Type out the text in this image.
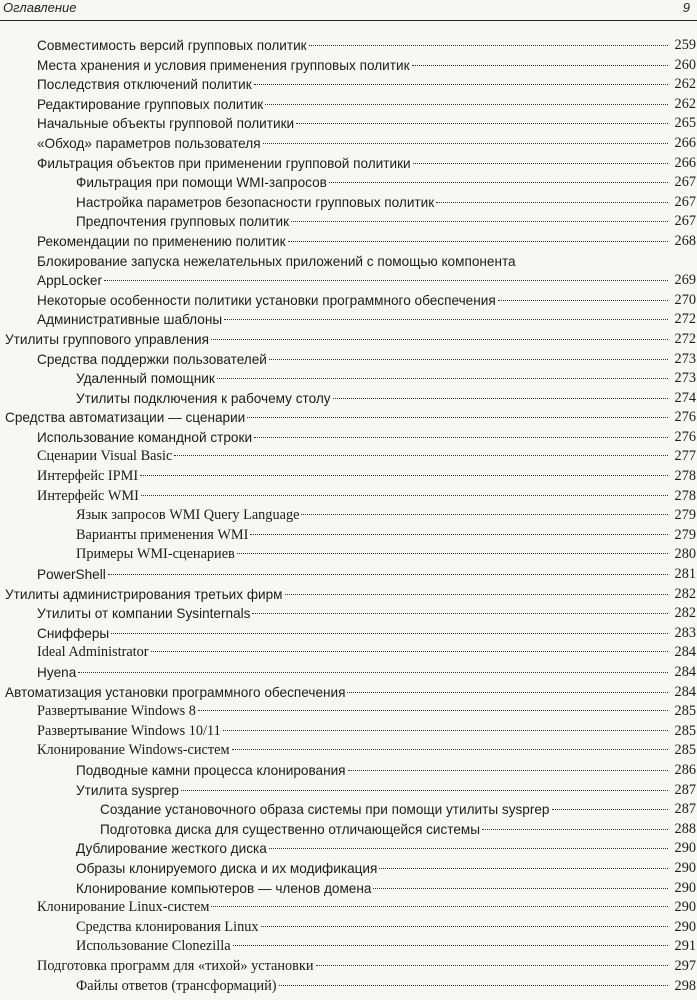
Оглавление	9
Совместимость версий групповых политик	259
Места хранения и условия применения групповых политик	260
Последствия отключений политик	262
Редактирование групповых политик	262
Начальные объекты групповой политики	265
«Обход» параметров пользователя	266
Фильтрация объектов при применении групповой политики	266
Фильтрация при помощи WMI-запросов	267
Настройка параметров безопасности групповых политик	267
Предпочтения групповых политик	267
Рекомендации по применению политик	268
Блокирование запуска нежелательных приложений с помощью компонента
AppLocker	269
Некоторые особенности политики установки программного обеспечения	270
Административные шаблоны	272
Утилиты группового управления	272
Средства поддержки пользователей	273
Удаленный помощник	273
Утилиты подключения к рабочему столу	274
Средства автоматизации — сценарии	276
Использование командной строки	276
Сценарии Visual Basic	277
Интерфейс IPMI	278
Интерфейс WMI	278
Язык запросов WMI Query Language	279
Варианты применения WMI	279
Примеры WMI-сценариев	280
PowerShell	281
Утилиты администрирования третьих фирм	282
Утилиты от компании Sysinternals	282
Снифферы	283
Ideal Administrator	284
Hyena	284
Автоматизация установки программного обеспечения	284
Развертывание Windows 8	285
Развертывание Windows 10/11	285
Клонирование Windows-систем	285
Подводные камни процесса клонирования	286
Утилита sysprep	287
Создание установочного образа системы при помощи утилиты sysprep	287
Подготовка диска для существенно отличающейся системы	288
Дублирование жесткого диска	290
Образы клонируемого диска и их модификация	290
Клонирование компьютеров — членов домена	290
Клонирование Linux-систем	290
Средства клонирования Linux	290
Использование Clonezilla	291
Подготовка программ для «тихой» установки	297
Файлы ответов (трансформаций)	298
